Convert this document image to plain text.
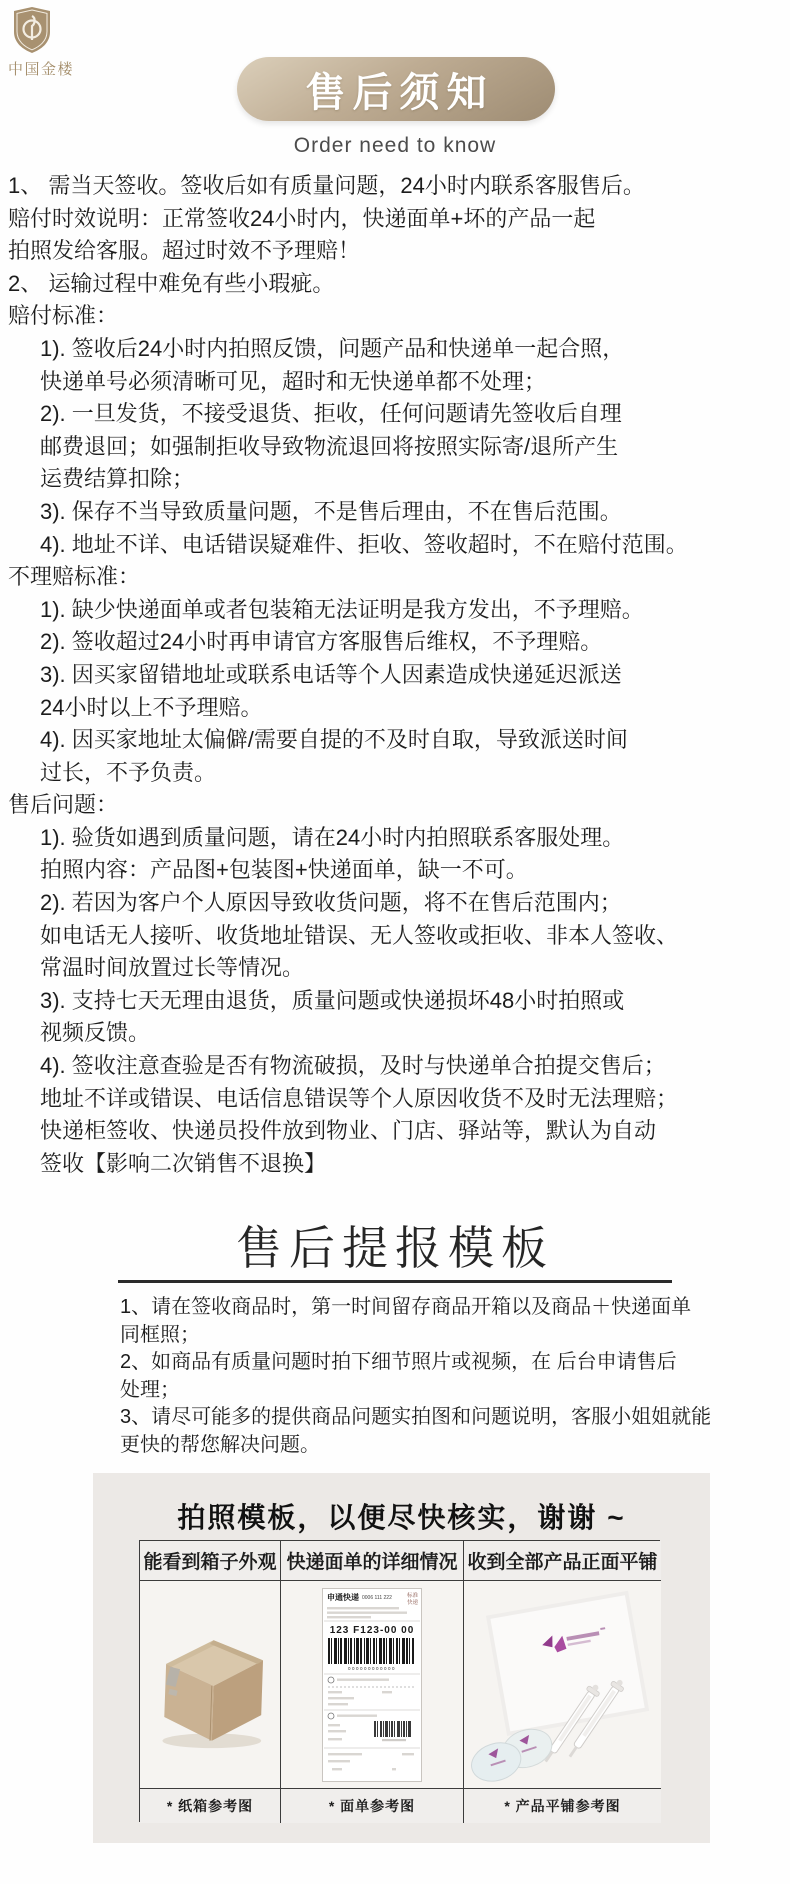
中国金楼
售后须知
Order need to know
1、 需当天签收。签收后如有质量问题，24小时内联系客服售后。
赔付时效说明：正常签收24小时内，快递面单+坏的产品一起
拍照发给客服。超过时效不予理赔！
2、 运输过程中难免有些小瑕疵。
赔付标准：
1). 签收后24小时内拍照反馈，问题产品和快递单一起合照，
快递单号必须清晰可见，超时和无快递单都不处理；
2). 一旦发货，不接受退货、拒收，任何问题请先签收后自理
邮费退回；如强制拒收导致物流退回将按照实际寄/退所产生
运费结算扣除；
3). 保存不当导致质量问题，不是售后理由，不在售后范围。
4). 地址不详、电话错误疑难件、拒收、签收超时，不在赔付范围。
不理赔标准：
1). 缺少快递面单或者包装箱无法证明是我方发出，不予理赔。
2). 签收超过24小时再申请官方客服售后维权，不予理赔。
3). 因买家留错地址或联系电话等个人因素造成快递延迟派送
24小时以上不予理赔。
4). 因买家地址太偏僻/需要自提的不及时自取，导致派送时间
过长，不予负责。
售后问题：
1). 验货如遇到质量问题，请在24小时内拍照联系客服处理。
拍照内容：产品图+包装图+快递面单，缺一不可。
2). 若因为客户个人原因导致收货问题，将不在售后范围内；
如电话无人接听、收货地址错误、无人签收或拒收、非本人签收、
常温时间放置过长等情况。
3). 支持七天无理由退货，质量问题或快递损坏48小时拍照或
视频反馈。
4). 签收注意查验是否有物流破损，及时与快递单合拍提交售后；
地址不详或错误、电话信息错误等个人原因收货不及时无法理赔；
快递柜签收、快递员投件放到物业、门店、驿站等，默认为自动
签收【影响二次销售不退换】
售后提报模板
1、请在签收商品时，第一时间留存商品开箱以及商品＋快递面单
同框照；
2、如商品有质量问题时拍下细节照片或视频，在 后台申请售后
处理；
3、请尽可能多的提供商品问题实拍图和问题说明，客服小姐姐就能
更快的帮您解决问题。
拍照模板，以便尽快核实，谢谢 ~
能看到箱子外观 快递面单的详细情况 收到全部产品正面平铺
申通快递 0006 111 222	标准
快递
123 F123-00 00
000000000000
* 纸箱参考图	* 面单参考图	* 产品平铺参考图
